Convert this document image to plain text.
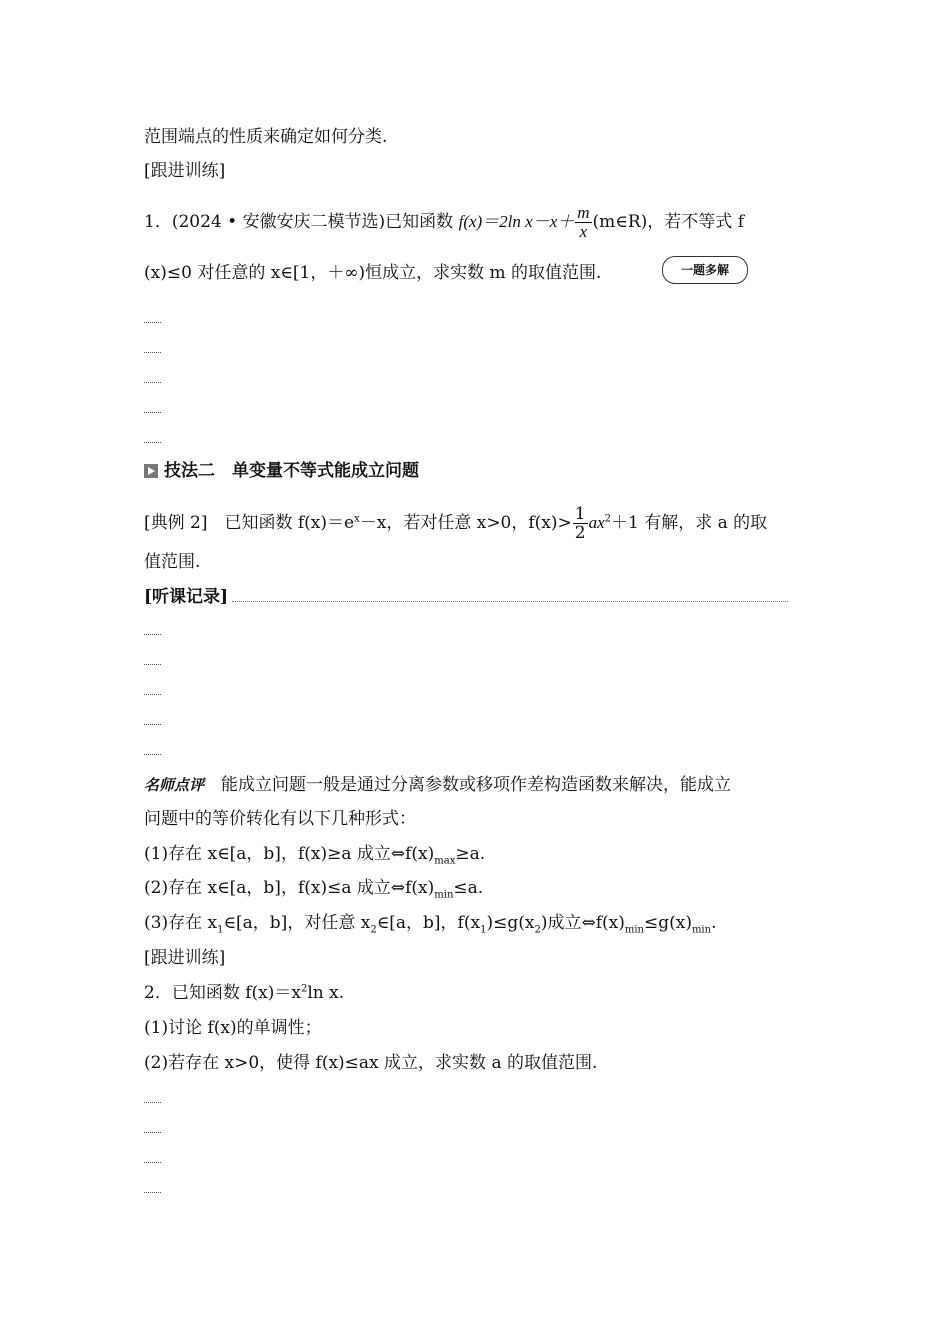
范围端点的性质来确定如何分类.
[跟进训练]
1．(2024 • 安徽安庆二模节选)已知函数 f(x)＝2ln $x-x+ \frac{m}{x}$ (m∈R)，若不等式 f
(x)≤0 对任意的 x∈[1，＋∞)恒成立，求实数 m 的取值范围.	一题多解
技法二　单变量不等式能成立问题
[典例 2]　已知函数 $f(x)=e^x-x$，若对任意 x>0，$f(x)> \frac{1}{2} ax^2+1$ 有解，求 a 的取
值范围.
[听课记录]
名师点评　能成立问题一般是通过分离参数或移项作差构造函数来解决，能成立
问题中的等价转化有以下几种形式：
(1)存在 x∈[a，b]，f(x)≥a 成立$\Leftrightarrow f(x)_{max}\ge a$.
(2)存在 x∈[a，b]，f(x)≤a 成立$\Leftrightarrow f(x)_{min}\le a$.
(3)存在 $x_1\in[a$，b]，对任意 $x_2\in[a$，b]，$f(x_1)\le g(x_2)$成立$\Leftrightarrow f(x)_{min}\le g(x)_{min}$.
[跟进训练]
2．已知函数 $f(x)=x^2\ln$ x.
(1)讨论 f(x)的单调性；
(2)若存在 x>0，使得 f(x)≤ax 成立，求实数 a 的取值范围.
